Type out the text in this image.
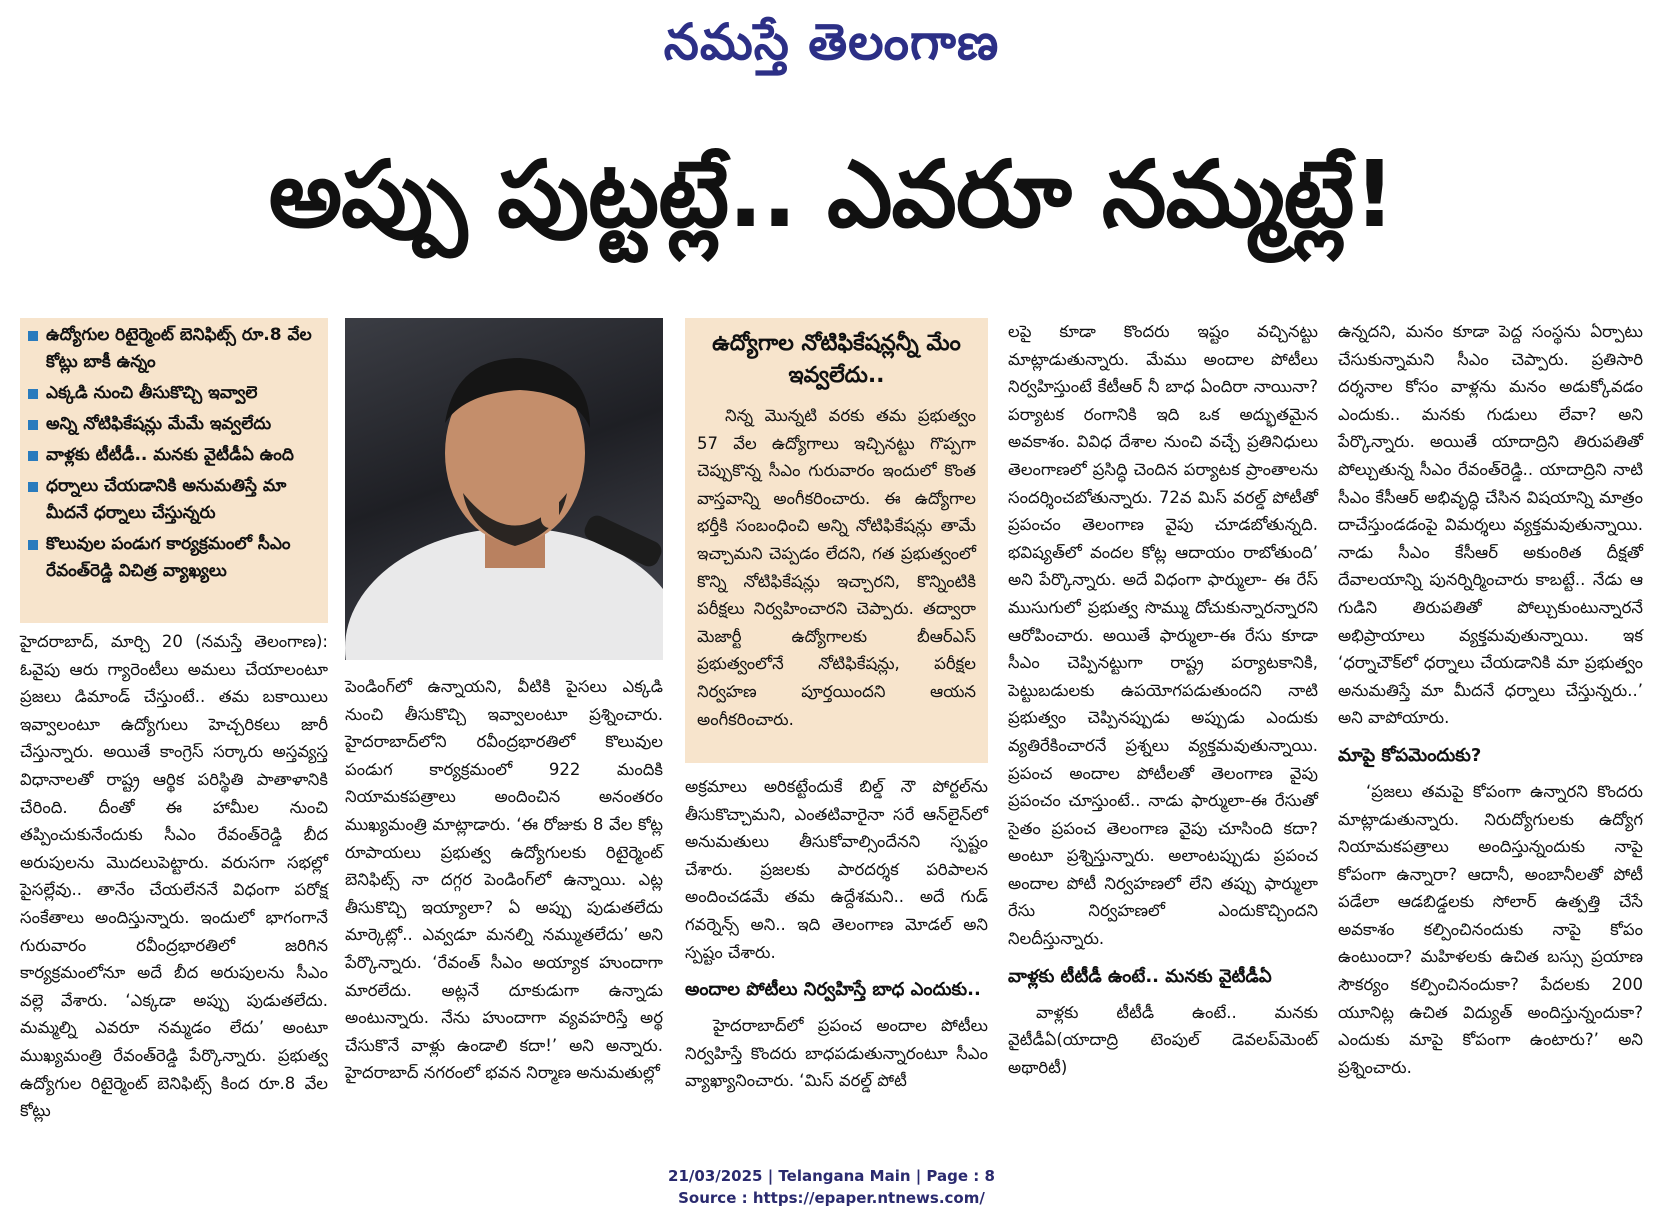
నమస్తే తెలంగాణ
అప్పు పుట్టట్లే.. ఎవరూ నమ్మట్లే!
ఉద్యోగుల రిటైర్మెంట్ బెనిఫిట్స్ రూ.8 వేల కోట్లు బాకీ ఉన్నం
ఎక్కడి నుంచి తీసుకొచ్చి ఇవ్వాలె
అన్ని నోటిఫికేషన్లు మేమే ఇవ్వలేదు
వాళ్లకు టీటీడీ.. మనకు వైటీడీఏ ఉంది
ధర్నాలు చేయడానికి అనుమతిస్తే మా మీదనే ధర్నాలు చేస్తున్నరు
కొలువుల పండుగ కార్యక్రమంలో సీఎం రేవంత్‌రెడ్డి విచిత్ర వ్యాఖ్యలు

హైదరాబాద్, మార్చి 20 (నమస్తే తెలంగాణ): ఓవైపు ఆరు గ్యారెంటీలు అమలు చేయాలంటూ ప్రజలు డిమాండ్ చేస్తుంటే.. తమ బకాయిలు ఇవ్వాలంటూ ఉద్యోగులు హెచ్చరికలు జారీ చేస్తున్నారు. అయితే కాంగ్రెస్ సర్కారు అస్తవ్యస్త విధానాలతో రాష్ట్ర ఆర్థిక పరిస్థితి పాతాళానికి చేరింది. దీంతో ఈ హామీల నుంచి తప్పించుకునేందుకు సీఎం రేవంత్‌రెడ్డి బీద అరుపులను మొదలుపెట్టారు. వరుసగా సభల్లో పైసల్లేవు.. తానేం చేయలేననే విధంగా పరోక్ష సంకేతాలు అందిస్తున్నారు. ఇందులో భాగంగానే గురువారం రవీంద్రభారతిలో జరిగిన కార్యక్రమంలోనూ అదే బీద అరుపులను సీఎం వల్లె వేశారు. ‘ఎక్కడా అప్పు పుడుతలేదు. మమ్మల్ని ఎవరూ నమ్మడం లేదు’ అంటూ ముఖ్యమంత్రి రేవంత్‌రెడ్డి పేర్కొన్నారు. ప్రభుత్వ ఉద్యోగుల రిటైర్మెంట్ బెనిఫిట్స్ కింద రూ.8 వేల కోట్లు

పెండింగ్‌లో ఉన్నాయని, వీటికి పైసలు ఎక్కడి నుంచి తీసుకొచ్చి ఇవ్వాలంటూ ప్రశ్నించారు. హైదరాబాద్‌లోని రవీంద్రభారతిలో కొలువుల పండుగ కార్యక్రమంలో 922 మందికి నియామకపత్రాలు అందించిన అనంతరం ముఖ్యమంత్రి మాట్లాడారు. ‘ఈ రోజుకు 8 వేల కోట్ల రూపాయలు ప్రభుత్వ ఉద్యోగులకు రిటైర్మెంట్ బెనిఫిట్స్ నా దగ్గర పెండింగ్‌లో ఉన్నాయి. ఎట్ల తీసుకొచ్చి ఇయ్యాలా? ఏ అప్పు పుడుతలేదు మార్కెట్లో.. ఎవ్వడూ మనల్ని నమ్ముతలేదు’ అని పేర్కొన్నారు. ‘రేవంత్ సీఎం అయ్యాక హుందాగా మారలేదు. అట్లనే దూకుడుగా ఉన్నాడు అంటున్నారు. నేను హుందాగా వ్యవహరిస్తే అర్థ చేసుకొనే వాళ్లు ఉండాలి కదా!’ అని అన్నారు. హైదరాబాద్ నగరంలో భవన నిర్మాణ అనుమతుల్లో

ఉద్యోగాల నోటిఫికేషన్లన్నీ మేం ఇవ్వలేదు..

నిన్న మొన్నటి వరకు తమ ప్రభుత్వం 57 వేల ఉద్యోగాలు ఇచ్చినట్టు గొప్పగా చెప్పుకొన్న సీఎం గురువారం ఇందులో కొంత వాస్తవాన్ని అంగీకరించారు. ఈ ఉద్యోగాల భర్తీకి సంబంధించి అన్ని నోటిఫికేషన్లు తామే ఇచ్చామని చెప్పడం లేదని, గత ప్రభుత్వంలో కొన్ని నోటిఫికేషన్లు ఇచ్చారని, కొన్నింటికి పరీక్షలు నిర్వహించారని చెప్పారు. తద్వారా మెజార్టీ ఉద్యోగాలకు బీఆర్‌ఎస్ ప్రభుత్వంలోనే నోటిఫికేషన్లు, పరీక్షల నిర్వహణ పూర్తయిందని ఆయన అంగీకరించారు.

అక్రమాలు అరికట్టేందుకే బిల్డ్ నౌ పోర్టల్‌ను తీసుకొచ్చామని, ఎంతటివారైనా సరే ఆన్‌లైన్‌లో అనుమతులు తీసుకోవాల్సిందేనని స్పష్టం చేశారు. ప్రజలకు పారదర్శక పరిపాలన అందించడమే తమ ఉద్దేశమని.. అదే గుడ్ గవర్నెన్స్ అని.. ఇది తెలంగాణ మోడల్ అని స్పష్టం చేశారు.

అందాల పోటీలు నిర్వహిస్తే బాధ ఎందుకు..

హైదరాబాద్‌లో ప్రపంచ అందాల పోటీలు నిర్వహిస్తే కొందరు బాధపడుతున్నారంటూ సీఎం వ్యాఖ్యానించారు. ‘మిస్ వరల్డ్ పోటీ

లపై కూడా కొందరు ఇష్టం వచ్చినట్టు మాట్లాడుతున్నారు. మేము అందాల పోటీలు నిర్వహిస్తుంటే కేటీఆర్ నీ బాధ ఏందిరా నాయినా? పర్యాటక రంగానికి ఇది ఒక అద్భుతమైన అవకాశం. వివిధ దేశాల నుంచి వచ్చే ప్రతినిధులు తెలంగాణలో ప్రసిద్ధి చెందిన పర్యాటక ప్రాంతాలను సందర్శించబోతున్నారు. 72వ మిస్ వరల్డ్ పోటీతో ప్రపంచం తెలంగాణ వైపు చూడబోతున్నది. భవిష్యత్‌లో వందల కోట్ల ఆదాయం రాబోతుంది’ అని పేర్కొన్నారు. అదే విధంగా ఫార్ములా- ఈ రేస్ ముసుగులో ప్రభుత్వ సొమ్ము దోచుకున్నారన్నారని ఆరోపించారు. అయితే ఫార్ములా-ఈ రేసు కూడా సీఎం చెప్పినట్టుగా రాష్ట్ర పర్యాటకానికి, పెట్టుబడులకు ఉపయోగపడుతుందని నాటి ప్రభుత్వం చెప్పినప్పుడు అప్పుడు ఎందుకు వ్యతిరేకించారనే ప్రశ్నలు వ్యక్తమవుతున్నాయి. ప్రపంచ అందాల పోటీలతో తెలంగాణ వైపు ప్రపంచం చూస్తుంటే.. నాడు ఫార్ములా-ఈ రేసుతో సైతం ప్రపంచ తెలంగాణ వైపు చూసింది కదా? అంటూ ప్రశ్నిస్తున్నారు. అలాంటప్పుడు ప్రపంచ అందాల పోటీ నిర్వహణలో లేని తప్పు ఫార్ములా రేసు నిర్వహణలో ఎందుకొచ్చిందని నిలదీస్తున్నారు.

వాళ్లకు టీటీడీ ఉంటే.. మనకు వైటీడీఏ

వాళ్లకు టీటీడీ ఉంటే.. మనకు వైటీడీఏ(యాదాద్రి టెంపుల్ డెవలప్‌మెంట్ అథారిటీ)

ఉన్నదని, మనం కూడా పెద్ద సంస్థను ఏర్పాటు చేసుకున్నామని సీఎం చెప్పారు. ప్రతిసారి దర్శనాల కోసం వాళ్లను మనం అడుక్కోవడం ఎందుకు.. మనకు గుడులు లేవా? అని పేర్కొన్నారు. అయితే యాదాద్రిని తిరుపతితో పోల్చుతున్న సీఎం రేవంత్‌రెడ్డి.. యాదాద్రిని నాటి సీఎం కేసీఆర్ అభివృద్ధి చేసిన విషయాన్ని మాత్రం దాచేస్తుండడంపై విమర్శలు వ్యక్తమవుతున్నాయి. నాడు సీఎం కేసీఆర్ అకుంఠిత దీక్షతో దేవాలయాన్ని పునర్నిర్మించారు కాబట్టే.. నేడు ఆ గుడిని తిరుపతితో పోల్చుకుంటున్నారనే అభిప్రాయాలు వ్యక్తమవుతున్నాయి. ఇక ‘ధర్నాచౌక్‌లో ధర్నాలు చేయడానికి మా ప్రభుత్వం అనుమతిస్తే మా మీదనే ధర్నాలు చేస్తున్నరు..’ అని వాపోయారు.

మాపై కోపమెందుకు?

‘ప్రజలు తమపై కోపంగా ఉన్నారని కొందరు మాట్లాడుతున్నారు. నిరుద్యోగులకు ఉద్యోగ నియామకపత్రాలు అందిస్తున్నందుకు నాపై కోపంగా ఉన్నారా? ఆదానీ, అంబానీలతో పోటీ పడేలా ఆడబిడ్డలకు సోలార్ ఉత్పత్తి చేసే అవకాశం కల్పించినందుకు నాపై కోపం ఉంటుందా? మహిళలకు ఉచిత బస్సు ప్రయాణ సౌకర్యం కల్పించినందుకా? పేదలకు 200 యూనిట్ల ఉచిత విద్యుత్ అందిస్తున్నందుకా? ఎందుకు మాపై కోపంగా ఉంటారు?’ అని ప్రశ్నించారు.

21/03/2025 | Telangana Main | Page : 8
Source : https://epaper.ntnews.com/
